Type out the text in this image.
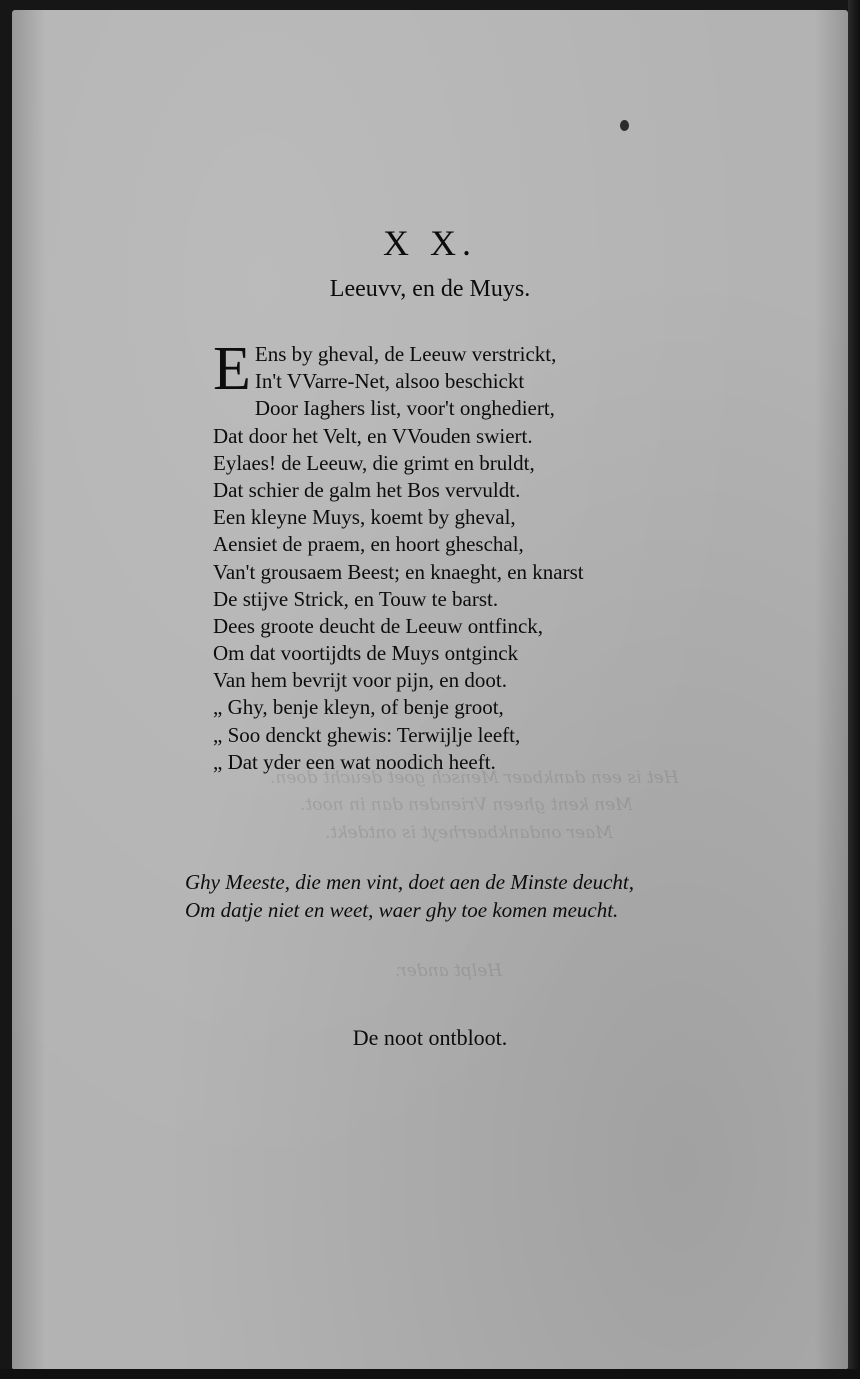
Het is een dankbaer Mensch goet deucht doen.
Men kent gheen Vrienden dan in noot.
Maer ondankbaerheyt is ontdekt.
Helpt ander.
X X.
Leeuvv, en de Muys.
E Ens by gheval, de Leeuw verstrickt,
In't VVarre-Net, alsoo beschickt
Door Iaghers list, voor't onghediert,
Dat door het Velt, en VVouden swiert.
Eylaes! de Leeuw, die grimt en bruldt,
Dat schier de galm het Bos vervuldt.
Een kleyne Muys, koemt by gheval,
Aensiet de praem, en hoort gheschal,
Van't grousaem Beest; en knaeght, en knarst
De stijve Strick, en Touw te barst.
Dees groote deucht de Leeuw ontfinck,
Om dat voortijdts de Muys ontginck
Van hem bevrijt voor pijn, en doot.
„ Ghy, benje kleyn, of benje groot,
„ Soo denckt ghewis: Terwijlje leeft,
„ Dat yder een wat noodich heeft.
Ghy Meeste, die men vint, doet aen de Minste deucht,
Om datje niet en weet, waer ghy toe komen meucht.
De noot ontbloot.
